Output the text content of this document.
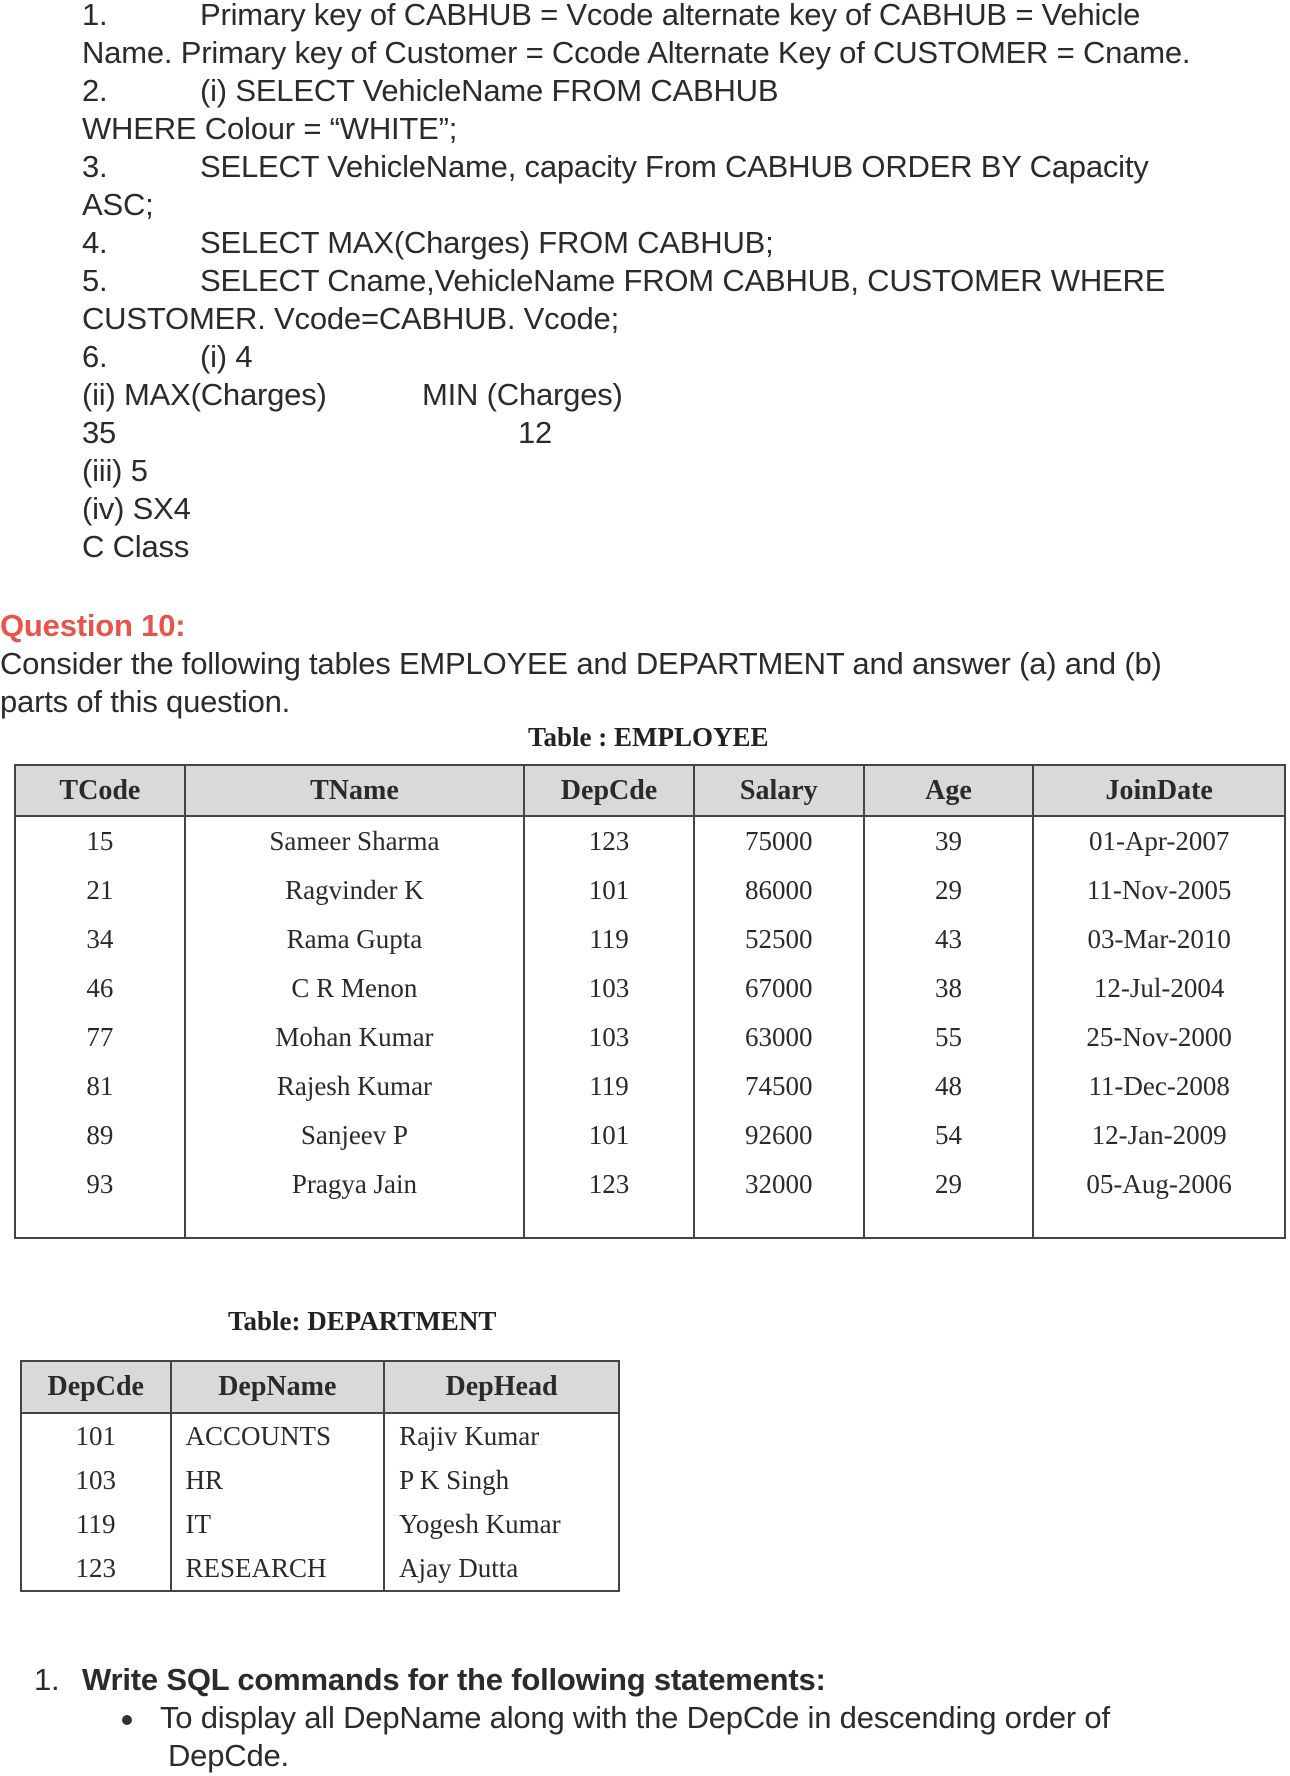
1.	Primary key of CABHUB = Vcode alternate key of CABHUB = Vehicle
Name. Primary key of Customer = Ccode Alternate Key of CUSTOMER = Cname.
2.	(i) SELECT VehicleName FROM CABHUB
WHERE Colour = “WHITE”;
3.	SELECT VehicleName, capacity From CABHUB ORDER BY Capacity
ASC;
4.	SELECT MAX(Charges) FROM CABHUB;
5.	SELECT Cname,VehicleName FROM CABHUB, CUSTOMER WHERE
CUSTOMER. Vcode=CABHUB. Vcode;
6.	(i) 4
(ii) MAX(Charges)	MIN (Charges)
35	12
(iii) 5
(iv) SX4
C Class
Question 10:
Consider the following tables EMPLOYEE and DEPARTMENT and answer (a) and (b)
parts of this question.
Table : EMPLOYEE
TCode	TName	DepCde	Salary	Age	JoinDate
15	Sameer Sharma	123	75000	39	01-Apr-2007
21	Ragvinder K	101	86000	29	11-Nov-2005
34	Rama Gupta	119	52500	43	03-Mar-2010
46	C R Menon	103	67000	38	12-Jul-2004
77	Mohan Kumar	103	63000	55	25-Nov-2000
81	Rajesh Kumar	119	74500	48	11-Dec-2008
89	Sanjeev P	101	92600	54	12-Jan-2009
93	Pragya Jain	123	32000	29	05-Aug-2006

Table: DEPARTMENT
DepCde	DepName	DepHead
101	ACCOUNTS	Rajiv Kumar
103	HR	P K Singh
119	IT	Yogesh Kumar
123	RESEARCH	Ajay Dutta
1. Write SQL commands for the following statements:
To display all DepName along with the DepCde in descending order of
DepCde.
